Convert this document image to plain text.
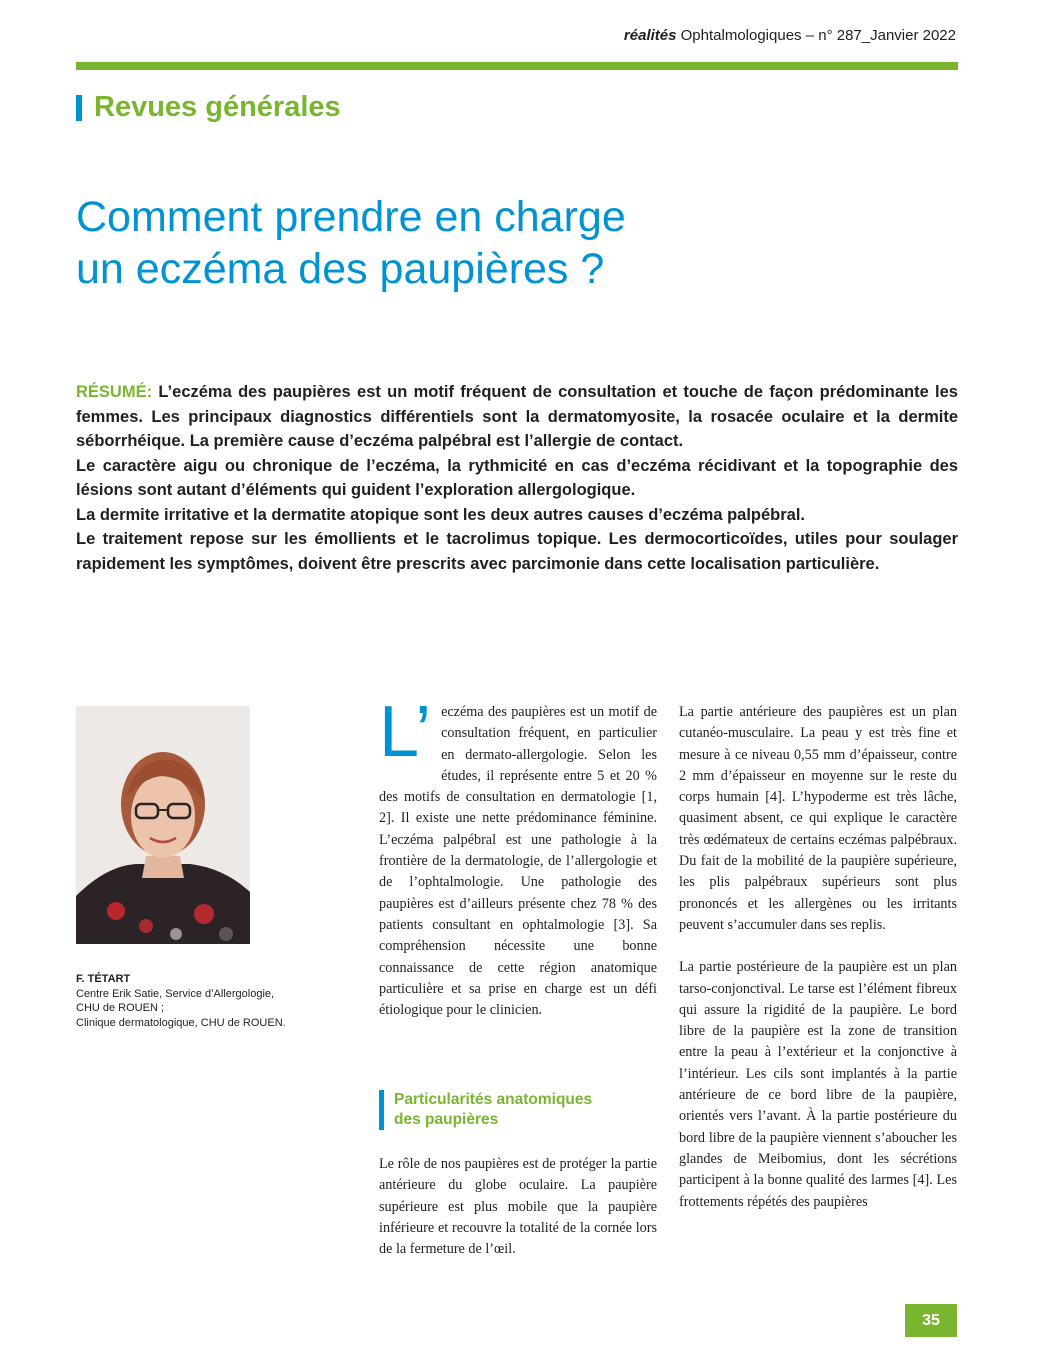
réalités Ophtalmologiques – n° 287_Janvier 2022
Revues générales
Comment prendre en charge
un eczéma des paupières ?

RÉSUMÉ: L’eczéma des paupières est un motif fréquent de consultation et touche de façon prédominante les femmes. Les principaux diagnostics différentiels sont la dermatomyosite, la rosacée oculaire et la dermite séborrhéique. La première cause d’eczéma palpébral est l’allergie de contact.

Le caractère aigu ou chronique de l’eczéma, la rythmicité en cas d’eczéma récidivant et la topographie des lésions sont autant d’éléments qui guident l’exploration allergologique.

La dermite irritative et la dermatite atopique sont les deux autres causes d’eczéma palpébral.

Le traitement repose sur les émollients et le tacrolimus topique. Les dermocorticoïdes, utiles pour soulager rapidement les symptômes, doivent être prescrits avec parcimonie dans cette localisation particulière.

F. TÉTART
Centre Erik Satie, Service d’Allergologie,
CHU de ROUEN ;
Clinique dermatologique, CHU de ROUEN.
L’ eczéma des paupières est un motif de consultation fréquent, en particulier en dermato-allergologie. Selon les études, il représente entre 5 et 20 % des motifs de consultation en dermatologie [1, 2]. Il existe une nette prédominance féminine. L’eczéma palpébral est une pathologie à la frontière de la dermatologie, de l’allergologie et de l’ophtalmologie. Une pathologie des paupières est d’ailleurs présente chez 78 % des patients consultant en ophtalmologie [3]. Sa compréhension nécessite une bonne connaissance de cette région anatomique particulière et sa prise en charge est un défi étiologique pour le clinicien.

Particularités anatomiques
des paupières

Le rôle de nos paupières est de protéger la partie antérieure du globe oculaire. La paupière supérieure est plus mobile que la paupière inférieure et recouvre la totalité de la cornée lors de la fermeture de l’œil.

La partie antérieure des paupières est un plan cutanéo-musculaire. La peau y est très fine et mesure à ce niveau 0,55 mm d’épaisseur, contre 2 mm d’épaisseur en moyenne sur le reste du corps humain [4]. L’hypoderme est très lâche, quasiment absent, ce qui explique le caractère très œdémateux de certains eczémas palpébraux. Du fait de la mobilité de la paupière supérieure, les plis palpébraux supérieurs sont plus prononcés et les allergènes ou les irritants peuvent s’accumuler dans ses replis.

La partie postérieure de la paupière est un plan tarso-conjonctival. Le tarse est l’élément fibreux qui assure la rigidité de la paupière. Le bord libre de la paupière est la zone de transition entre la peau à l’extérieur et la conjonctive à l’intérieur. Les cils sont implantés à la partie antérieure de ce bord libre de la paupière, orientés vers l’avant. À la partie postérieure du bord libre de la paupière viennent s’aboucher les glandes de Meibomius, dont les sécrétions participent à la bonne qualité des larmes [4]. Les frottements répétés des paupières

35
